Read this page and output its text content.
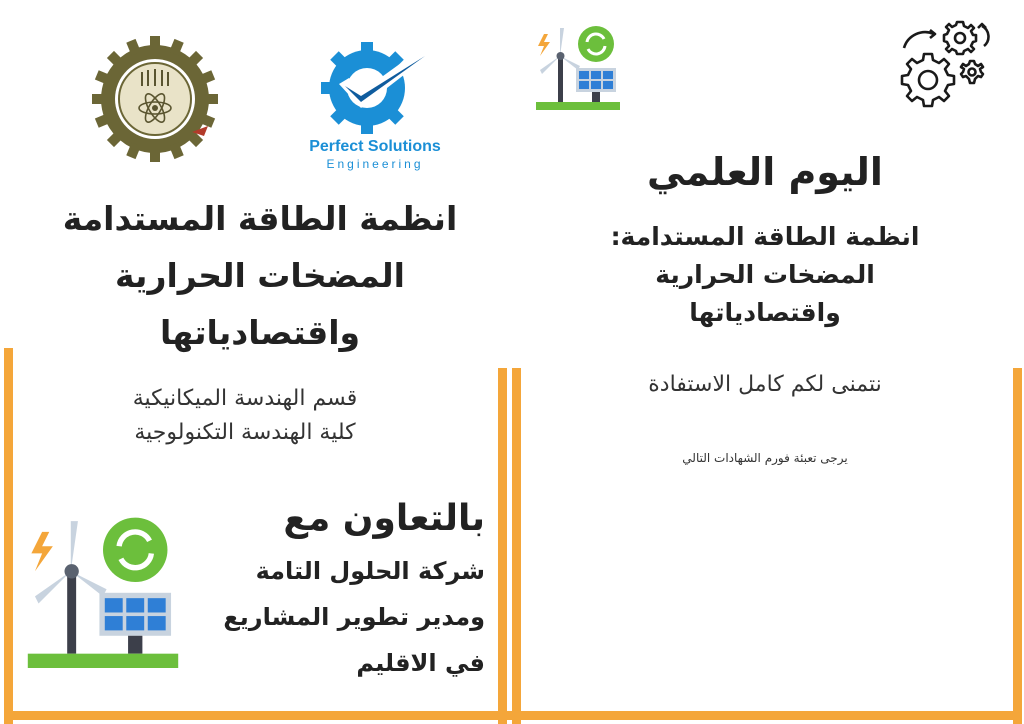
Perfect Solutions
Engineering
انظمة الطاقة المستدامة
المضخات الحرارية
واقتصادياتها
قسم الهندسة الميكانيكية
كلية الهندسة التكنولوجية
بالتعاون مع
شركة الحلول التامة
ومدير تطوير المشاريع
في الاقليم
اليوم العلمي
انظمة الطاقة المستدامة:
المضخات الحرارية
واقتصادياتها
نتمنى لكم كامل الاستفادة
يرجى تعبئة فورم الشهادات التالي
